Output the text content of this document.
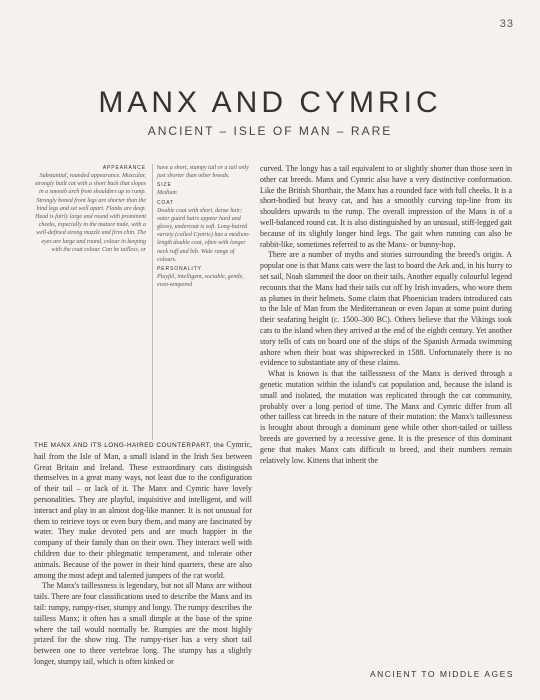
33
MANX AND CYMRIC
ANCIENT – ISLE OF MAN – RARE
APPEARANCE
Substantial, rounded appearance. Muscular, strongly built cat with a short back that slopes in a smooth arch from shoulders up to rump. Strongly boned front legs are shorter than the hind legs and set well apart. Flanks are deep. Head is fairly large and round with prominent cheeks, especially in the mature male, with a well-defined strong muzzle and firm chin. The eyes are large and round, colour in keeping with the coat colour. Can be tailless, or
have a short, stumpy tail or a tail only just shorter than other breeds.
SIZE
Medium
COAT
Double coat with short, dense hair; outer guard hairs appear hard and glossy, undercoat is soft. Long-haired variety (called Cymric) has a medium-length double coat, often with longer neck ruff and bib. Wide range of colours.
PERSONALITY
Playful, intelligent, sociable, gentle, even-tempered

THE MANX AND ITS LONG-HAIRED COUNTERPART, the Cymric, hail from the Isle of Man, a small island in the Irish Sea between Great Britain and Ireland. These extraordinary cats distinguish themselves in a great many ways, not least due to the configuration of their tail – or lack of it. The Manx and Cymric have lovely personalities. They are playful, inquisitive and intelligent, and will interact and play in an almost dog-like manner. It is not unusual for them to retrieve toys or even bury them, and many are fascinated by water. They make devoted pets and are much happier in the company of their family than on their own. They interact well with children due to their phlegmatic temperament, and tolerate other animals. Because of the power in their hind quarters, these are also among the most adept and talented jumpers of the cat world.

The Manx's taillessness is legendary, but not all Manx are without tails. There are four classifications used to describe the Manx and its tail: rumpy, rumpy-riser, stumpy and longy. The rumpy describes the tailless Manx; it often has a small dimple at the base of the spine where the tail would normally be. Rumpies are the most highly prized for the show ring. The rumpy-riser has a very short tail between one to three vertebrae long. The stumpy has a slightly longer, stumpy tail, which is often kinked or

curved. The longy has a tail equivalent to or slightly shorter than those seen in other cat breeds. Manx and Cymric also have a very distinctive conformation. Like the British Shorthair, the Manx has a rounded face with full cheeks. It is a short-bodied but heavy cat, and has a smoothly curving top-line from its shoulders upwards to the rump. The overall impression of the Manx is of a well-balanced round cat. It is also distinguished by an unusual, stiff-legged gait because of its slightly longer hind legs. The gait when running can also be rabbit-like, sometimes referred to as the Manx- or bunny-hop.

There are a number of myths and stories surrounding the breed's origin. A popular one is that Manx cats were the last to board the Ark and, in his hurry to set sail, Noah slammed the door on their tails. Another equally colourful legend recounts that the Manx had their tails cut off by Irish invaders, who wore them as plumes in their helmets. Some claim that Phoenician traders introduced cats to the Isle of Man from the Mediterranean or even Japan at some point during their seafaring height (c. 1500–300 BC). Others believe that the Vikings took cats to the island when they arrived at the end of the eighth century. Yet another story tells of cats on board one of the ships of the Spanish Armada swimming ashore when their boat was shipwrecked in 1588. Unfortunately there is no evidence to substantiate any of these claims.

What is known is that the taillessness of the Manx is derived through a genetic mutation within the island's cat population and, because the island is small and isolated, the mutation was replicated through the cat community, probably over a long period of time. The Manx and Cymric differ from all other tailless cat breeds in the nature of their mutation: the Manx's taillessness is brought about through a dominant gene while other short-tailed or tailless breeds are governed by a recessive gene. It is the presence of this dominant gene that makes Manx cats difficult to breed, and their numbers remain relatively low. Kittens that inherit the

ANCIENT TO MIDDLE AGES
